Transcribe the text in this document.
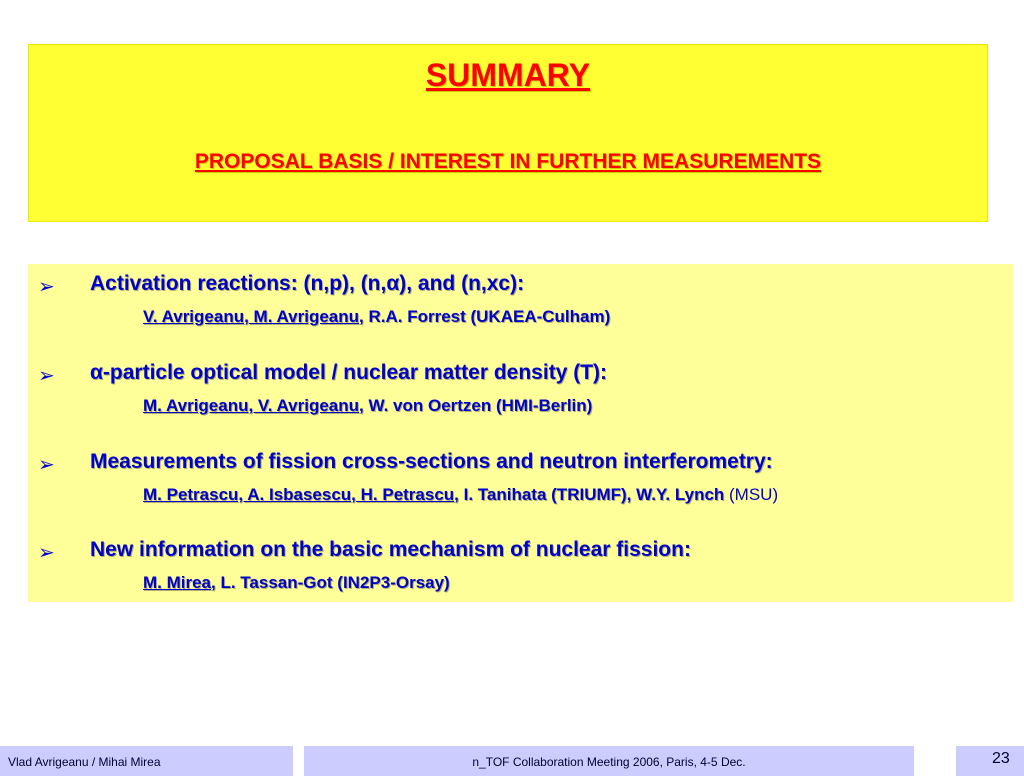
SUMMARY
PROPOSAL BASIS / INTEREST IN FURTHER MEASUREMENTS
➢ Activation reactions: (n,p), (n,α), and (n,xc):
V. Avrigeanu, M. Avrigeanu, R.A. Forrest (UKAEA-Culham)
➢ α-particle optical model / nuclear matter density (T):
M. Avrigeanu, V. Avrigeanu, W. von Oertzen (HMI-Berlin)
➢ Measurements of fission cross-sections and neutron interferometry:
M. Petrascu, A. Isbasescu, H. Petrascu, I. Tanihata (TRIUMF), W.Y. Lynch (MSU)
➢ New information on the basic mechanism of nuclear fission:
M. Mirea, L. Tassan-Got (IN2P3-Orsay)
Vlad Avrigeanu / Mihai Mirea	n_TOF Collaboration Meeting 2006, Paris, 4-5 Dec.	23
